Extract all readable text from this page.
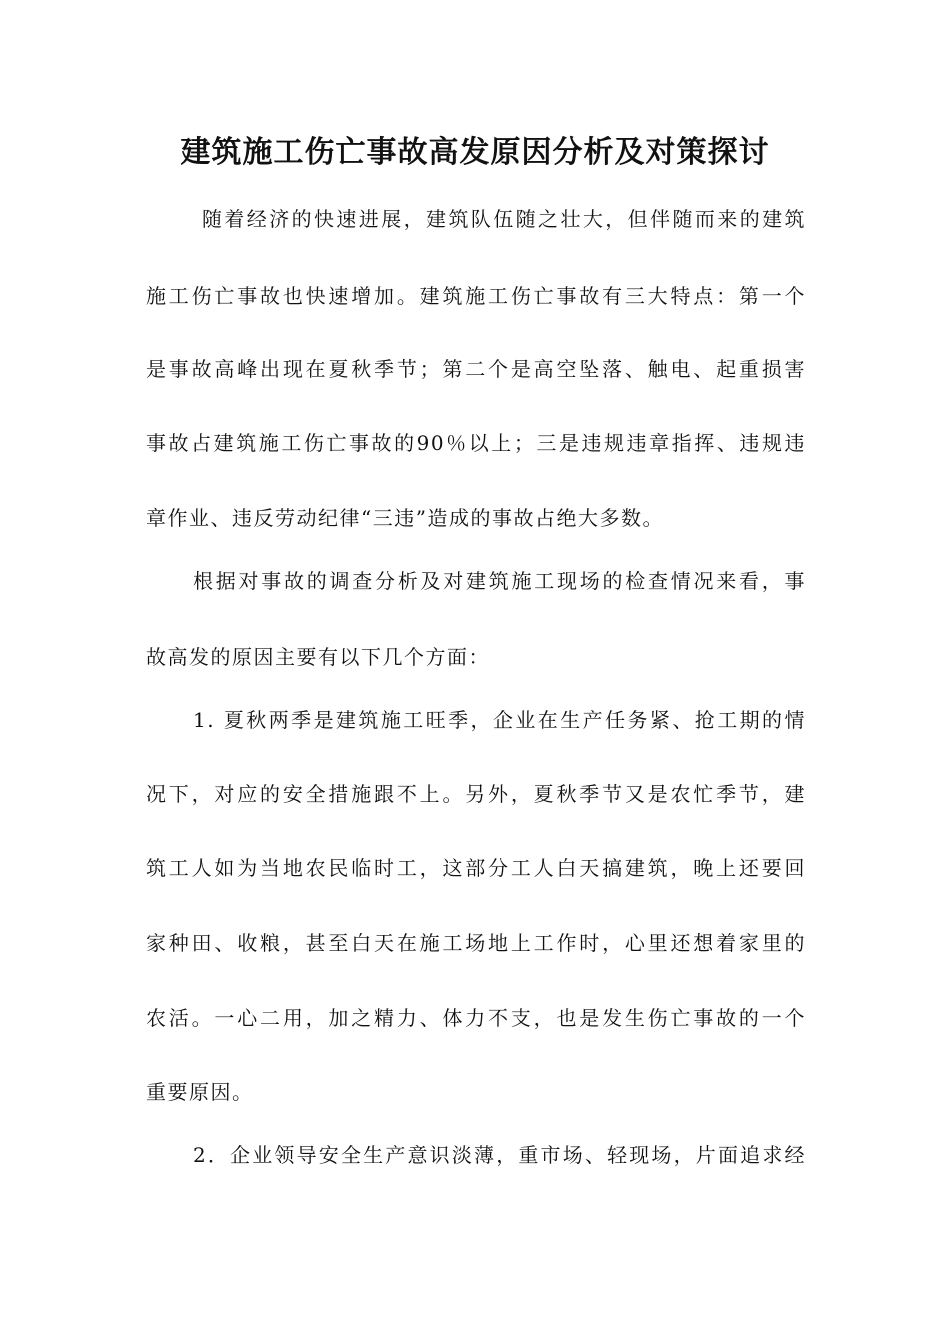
建筑施工伤亡事故高发原因分析及对策探讨
随着经济的快速进展，建筑队伍随之壮大，但伴随而来的建筑
施工伤亡事故也快速增加。建筑施工伤亡事故有三大特点：第一个
是事故高峰出现在夏秋季节；第二个是高空坠落、触电、起重损害
事故占建筑施工伤亡事故的90％以上；三是违规违章指挥、违规违
章作业、违反劳动纪律“三违”造成的事故占绝大多数。
根据对事故的调查分析及对建筑施工现场的检查情况来看，事
故高发的原因主要有以下几个方面：
1. 夏秋两季是建筑施工旺季，企业在生产任务紧、抢工期的情
况下，对应的安全措施跟不上。另外，夏秋季节又是农忙季节，建
筑工人如为当地农民临时工，这部分工人白天搞建筑，晚上还要回
家种田、收粮，甚至白天在施工场地上工作时，心里还想着家里的
农活。一心二用，加之精力、体力不支，也是发生伤亡事故的一个
重要原因。
2．企业领导安全生产意识淡薄，重市场、轻现场，片面追求经
